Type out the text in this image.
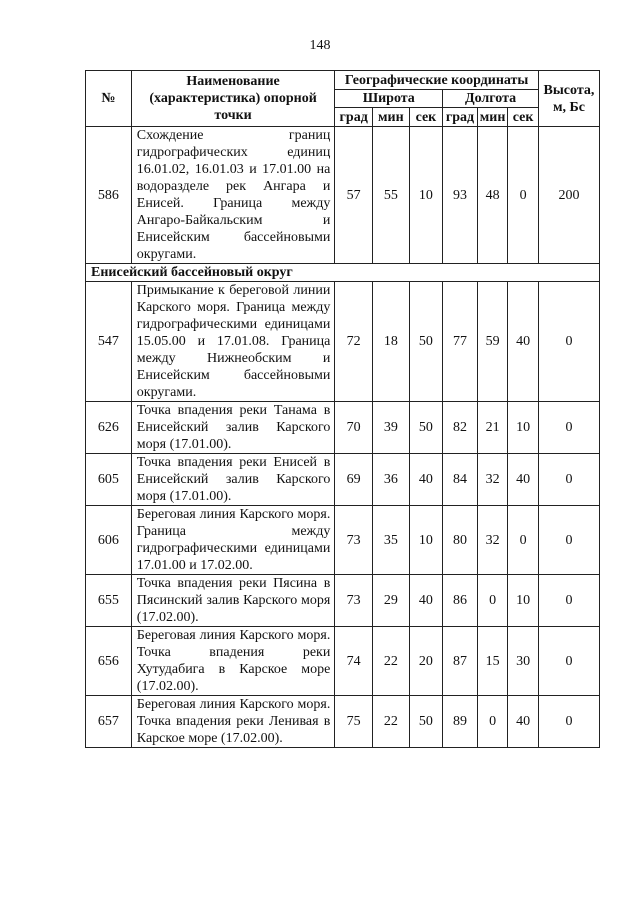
148
№	Наименование (характеристика) опорной точки	Географические координаты						Высота, м, Бс
		Широта			Долгота			
		град	мин	сек	град	мин	сек	
586	Схождение границ гидрографических единиц 16.01.02, 16.01.03 и 17.01.00 на водоразделе рек Ангара и Енисей. Граница между Ангаро-Байкальским и Енисейским бассейновыми округами.	57	55	10	93	48	0	200
Енисейский бассейновый округ								
547	Примыкание к береговой линии Карского моря. Граница между гидрографическими единицами 15.05.00 и 17.01.08. Граница между Нижнеобским и Енисейским бассейновыми округами.	72	18	50	77	59	40	0
626	Точка впадения реки Танама в Енисейский залив Карского моря (17.01.00).	70	39	50	82	21	10	0
605	Точка впадения реки Енисей в Енисейский залив Карского моря (17.01.00).	69	36	40	84	32	40	0
606	Береговая линия Карского моря. Граница между гидрографическими единицами 17.01.00 и 17.02.00.	73	35	10	80	32	0	0
655	Точка впадения реки Пясина в Пясинский залив Карского моря (17.02.00).	73	29	40	86	0	10	0
656	Береговая линия Карского моря. Точка впадения реки Хутудабига в Карское море (17.02.00).	74	22	20	87	15	30	0
657	Береговая линия Карского моря. Точка впадения реки Ленивая в Карское море (17.02.00).	75	22	50	89	0	40	0
